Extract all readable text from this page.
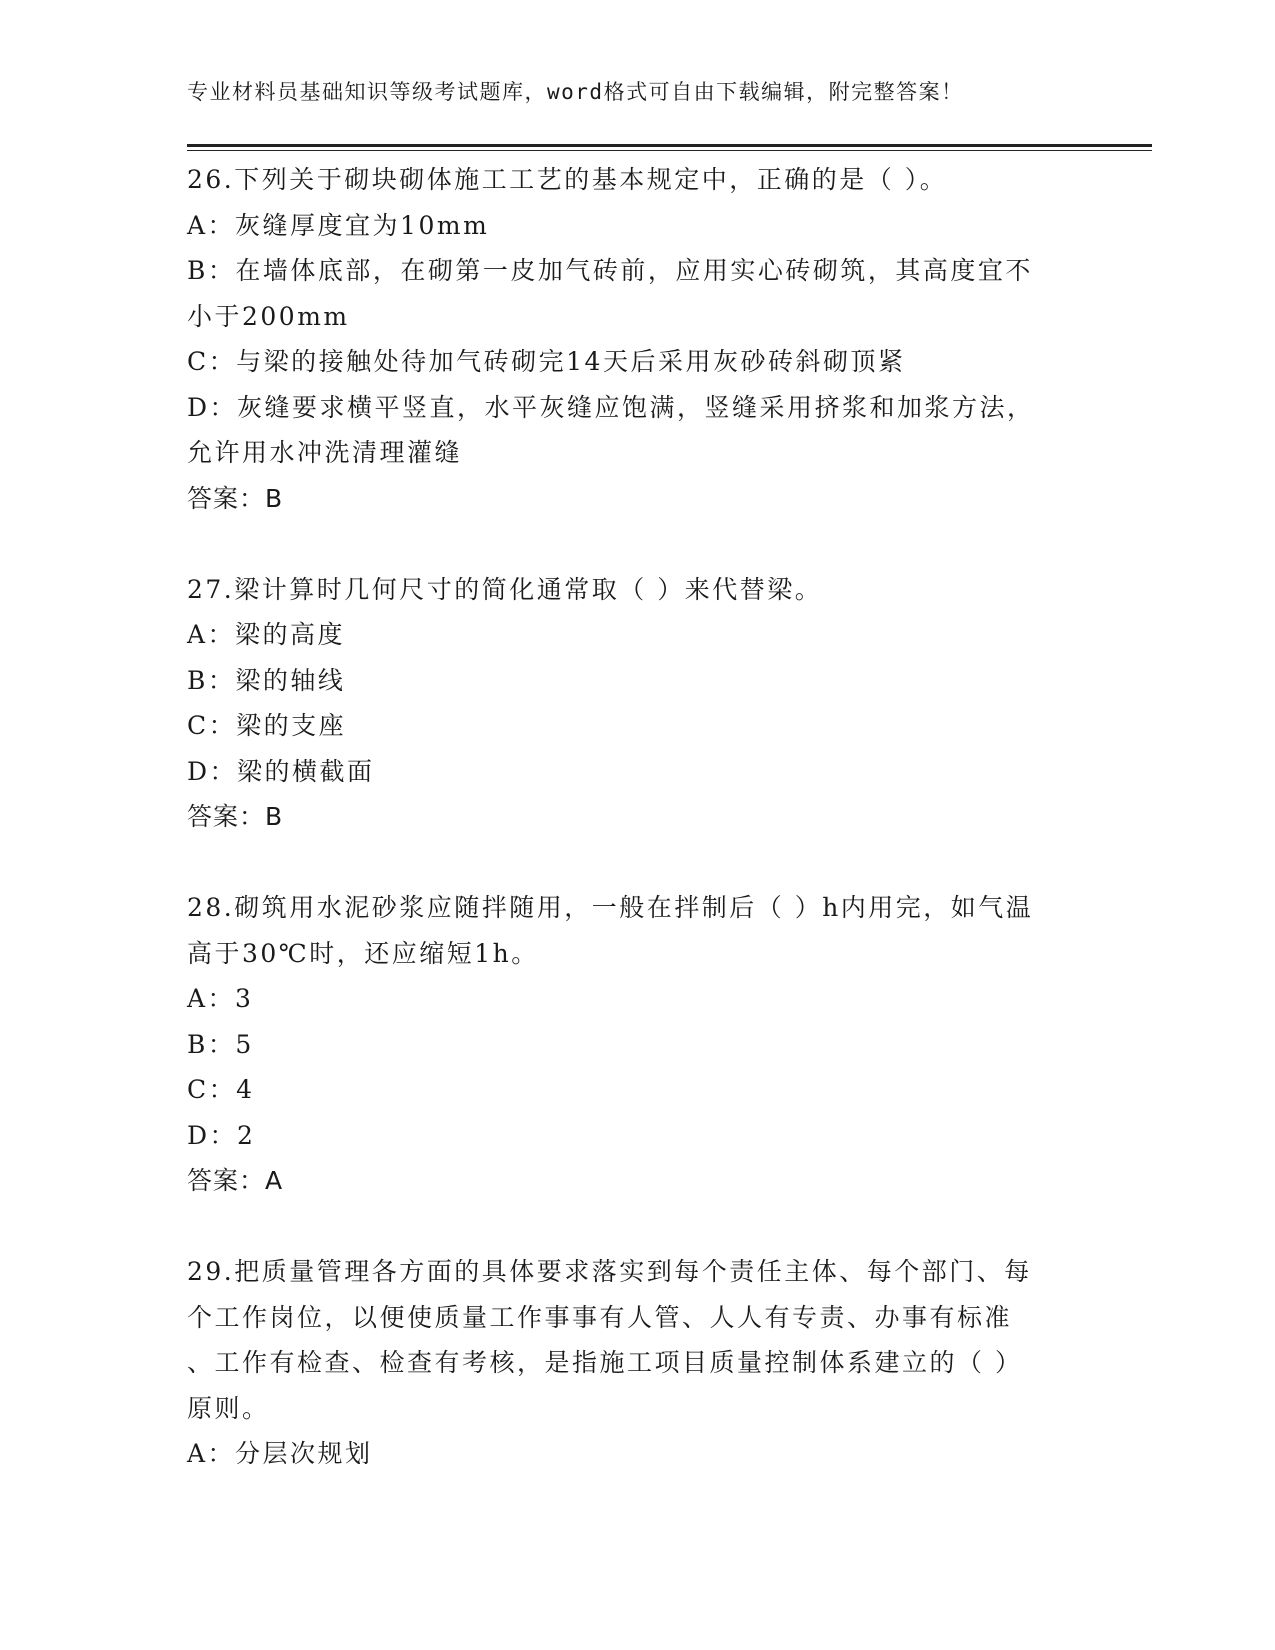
专业材料员基础知识等级考试题库，word格式可自由下载编辑，附完整答案！
26.下列关于砌块砌体施工工艺的基本规定中，正确的是（ ）。
A：灰缝厚度宜为10mm
B：在墙体底部，在砌第一皮加气砖前，应用实心砖砌筑，其高度宜不
小于200mm
C：与梁的接触处待加气砖砌完14天后采用灰砂砖斜砌顶紧
D：灰缝要求横平竖直，水平灰缝应饱满，竖缝采用挤浆和加浆方法，
允许用水冲洗清理灌缝
答案：B
27.梁计算时几何尺寸的简化通常取（ ）来代替梁。
A：梁的高度
B：梁的轴线
C：梁的支座
D：梁的横截面
答案：B
28.砌筑用水泥砂浆应随拌随用，一般在拌制后（ ）h内用完，如气温
高于30℃时，还应缩短1h。
A：3
B：5
C：4
D：2
答案：A
29.把质量管理各方面的具体要求落实到每个责任主体、每个部门、每
个工作岗位，以便使质量工作事事有人管、人人有专责、办事有标准
、工作有检查、检查有考核，是指施工项目质量控制体系建立的（ ）
原则。
A：分层次规划
